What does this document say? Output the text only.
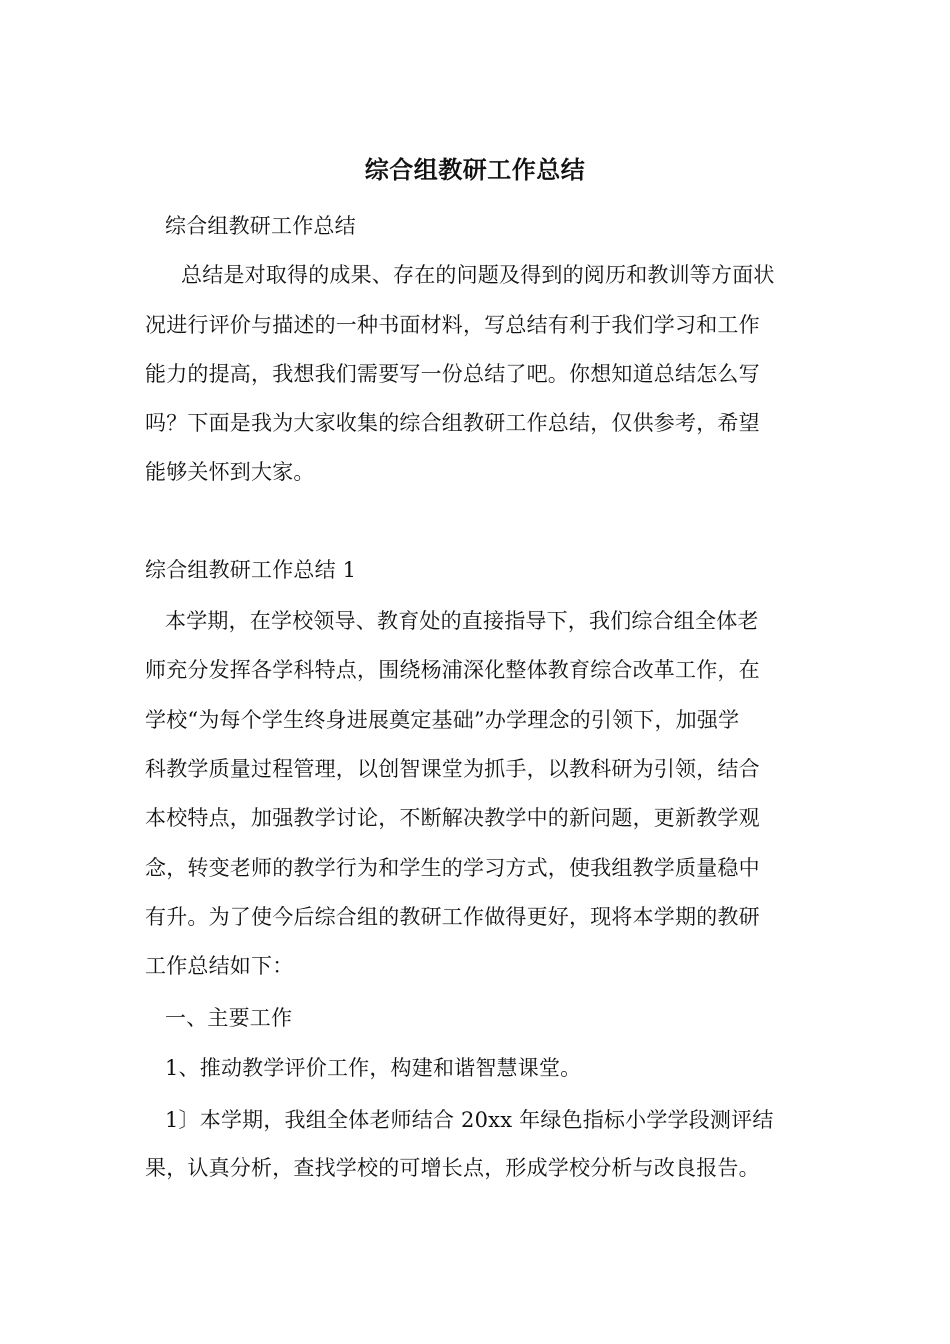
综合组教研工作总结
综合组教研工作总结
总结是对取得的成果、存在的问题及得到的阅历和教训等方面状
况进行评价与描述的一种书面材料，写总结有利于我们学习和工作
能力的提高，我想我们需要写一份总结了吧。你想知道总结怎么写
吗？下面是我为大家收集的综合组教研工作总结，仅供参考，希望
能够关怀到大家。
综合组教研工作总结 1
本学期，在学校领导、教育处的直接指导下，我们综合组全体老
师充分发挥各学科特点，围绕杨浦深化整体教育综合改革工作，在
学校“为每个学生终身进展奠定基础”办学理念的引领下，加强学
科教学质量过程管理，以创智课堂为抓手，以教科研为引领，结合
本校特点，加强教学讨论，不断解决教学中的新问题，更新教学观
念，转变老师的教学行为和学生的学习方式，使我组教学质量稳中
有升。为了使今后综合组的教研工作做得更好，现将本学期的教研
工作总结如下：
一、主要工作
1、推动教学评价工作，构建和谐智慧课堂。
1〕本学期，我组全体老师结合 20xx 年绿色指标小学学段测评结
果，认真分析，查找学校的可增长点，形成学校分析与改良报告。
